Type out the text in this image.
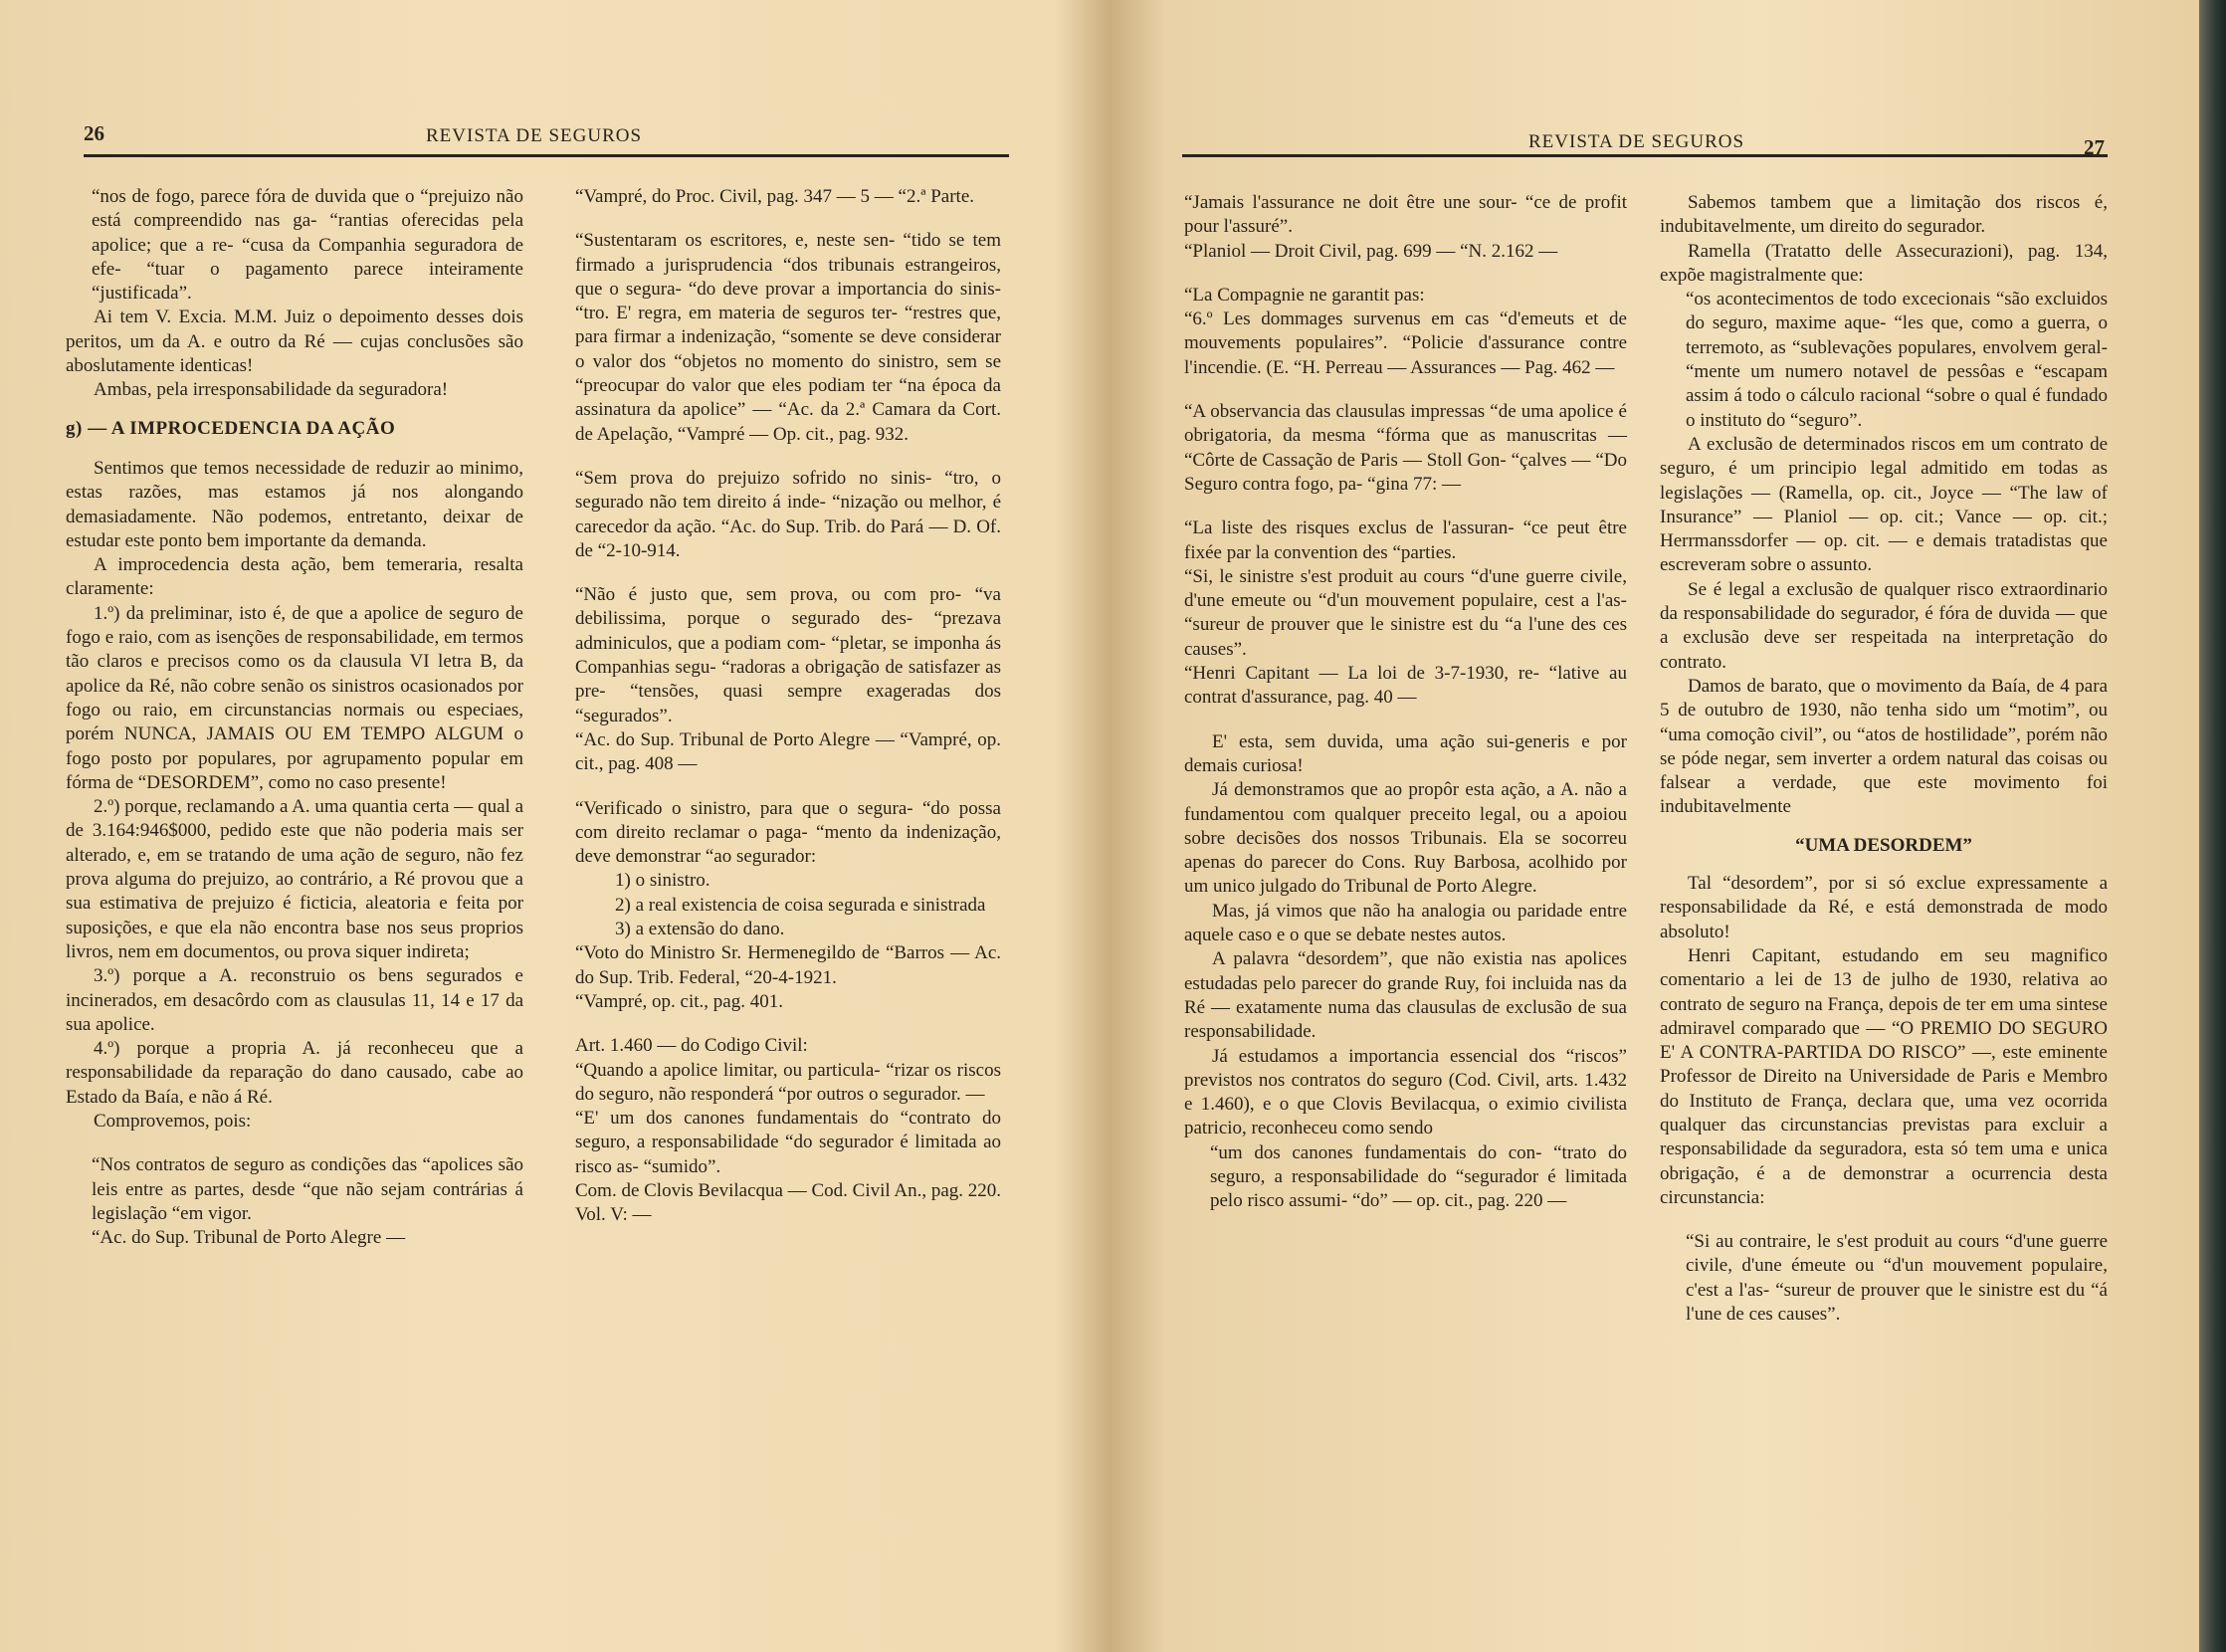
26	REVISTA DE SEGUROS

“nos de fogo, parece fóra de duvida que o “prejuizo não está compreendido nas ga- “rantias oferecidas pela apolice; que a re- “cusa da Companhia seguradora de efe- “tuar o pagamento parece inteiramente “justificada”.

Ai tem V. Excia. M.M. Juiz o depoimento desses dois peritos, um da A. e outro da Ré — cujas conclusões são aboslutamente identicas!

Ambas, pela irresponsabilidade da seguradora!

g) — A IMPROCEDENCIA DA AÇÃO

Sentimos que temos necessidade de reduzir ao minimo, estas razões, mas estamos já nos alongando demasiadamente. Não podemos, entretanto, deixar de estudar este ponto bem importante da demanda.

A improcedencia desta ação, bem temeraria, resalta claramente:

1.º) da preliminar, isto é, de que a apolice de seguro de fogo e raio, com as isenções de responsabilidade, em termos tão claros e precisos como os da clausula VI letra B, da apolice da Ré, não cobre senão os sinistros ocasionados por fogo ou raio, em circunstancias normais ou especiaes, porém NUNCA, JAMAIS OU EM TEMPO ALGUM o fogo posto por populares, por agrupamento popular em fórma de “DESORDEM”, como no caso presente!

2.º) porque, reclamando a A. uma quantia certa — qual a de 3.164:946$000, pedido este que não poderia mais ser alterado, e, em se tratando de uma ação de seguro, não fez prova alguma do prejuizo, ao contrário, a Ré provou que a sua estimativa de prejuizo é ficticia, aleatoria e feita por suposições, e que ela não encontra base nos seus proprios livros, nem em documentos, ou prova siquer indireta;

3.º) porque a A. reconstruio os bens segurados e incinerados, em desacôrdo com as clausulas 11, 14 e 17 da sua apolice.

4.º) porque a propria A. já reconheceu que a responsabilidade da reparação do dano causado, cabe ao Estado da Baía, e não á Ré.

Comprovemos, pois:

“Nos contratos de seguro as condições das “apolices são leis entre as partes, desde “que não sejam contrárias á legislação “em vigor.

“Ac. do Sup. Tribunal de Porto Alegre —

“Vampré, do Proc. Civil, pag. 347 — 5 — “2.ª Parte.

“Sustentaram os escritores, e, neste sen- “tido se tem firmado a jurisprudencia “dos tribunais estrangeiros, que o segura- “do deve provar a importancia do sinis- “tro. E' regra, em materia de seguros ter- “restres que, para firmar a indenização, “somente se deve considerar o valor dos “objetos no momento do sinistro, sem se “preocupar do valor que eles podiam ter “na época da assinatura da apolice” — “Ac. da 2.ª Camara da Cort. de Apelação, “Vampré — Op. cit., pag. 932.

“Sem prova do prejuizo sofrido no sinis- “tro, o segurado não tem direito á inde- “nização ou melhor, é carecedor da ação. “Ac. do Sup. Trib. do Pará — D. Of. de “2-10-914.

“Não é justo que, sem prova, ou com pro- “va debilissima, porque o segurado des- “prezava adminiculos, que a podiam com- “pletar, se imponha ás Companhias segu- “radoras a obrigação de satisfazer as pre- “tensões, quasi sempre exageradas dos “segurados”.

“Ac. do Sup. Tribunal de Porto Alegre — “Vampré, op. cit., pag. 408 —

“Verificado o sinistro, para que o segura- “do possa com direito reclamar o paga- “mento da indenização, deve demonstrar “ao segurador:

1) o sinistro.

2) a real existencia de coisa segurada e sinistrada

3) a extensão do dano.

“Voto do Ministro Sr. Hermenegildo de “Barros — Ac. do Sup. Trib. Federal, “20-4-1921.

“Vampré, op. cit., pag. 401.

Art. 1.460 — do Codigo Civil:

“Quando a apolice limitar, ou particula- “rizar os riscos do seguro, não responderá “por outros o segurador. —

“E' um dos canones fundamentais do “contrato do seguro, a responsabilidade “do segurador é limitada ao risco as- “sumido”.

Com. de Clovis Bevilacqua — Cod. Civil An., pag. 220. Vol. V: —

REVISTA DE SEGUROS	27

“Jamais l'assurance ne doit être une sour- “ce de profit pour l'assuré”.

“Planiol — Droit Civil, pag. 699 — “N. 2.162 —

“La Compagnie ne garantit pas:

“6.º Les dommages survenus em cas “d'emeuts et de mouvements populaires”. “Policie d'assurance contre l'incendie. (E. “H. Perreau — Assurances — Pag. 462 —

“A observancia das clausulas impressas “de uma apolice é obrigatoria, da mesma “fórma que as manuscritas — “Côrte de Cassação de Paris — Stoll Gon- “çalves — “Do Seguro contra fogo, pa- “gina 77: —

“La liste des risques exclus de l'assuran- “ce peut être fixée par la convention des “parties.

“Si, le sinistre s'est produit au cours “d'une guerre civile, d'une emeute ou “d'un mouvement populaire, cest a l'as- “sureur de prouver que le sinistre est du “a l'une des ces causes”.

“Henri Capitant — La loi de 3-7-1930, re- “lative au contrat d'assurance, pag. 40 —

E' esta, sem duvida, uma ação sui-generis e por demais curiosa!

Já demonstramos que ao propôr esta ação, a A. não a fundamentou com qualquer preceito legal, ou a apoiou sobre decisões dos nossos Tribunais. Ela se socorreu apenas do parecer do Cons. Ruy Barbosa, acolhido por um unico julgado do Tribunal de Porto Alegre.

Mas, já vimos que não ha analogia ou paridade entre aquele caso e o que se debate nestes autos.

A palavra “desordem”, que não existia nas apolices estudadas pelo parecer do grande Ruy, foi incluida nas da Ré — exatamente numa das clausulas de exclusão de sua responsabilidade.

Já estudamos a importancia essencial dos “riscos” previstos nos contratos do seguro (Cod. Civil, arts. 1.432 e 1.460), e o que Clovis Bevilacqua, o eximio civilista patricio, reconheceu como sendo

“um dos canones fundamentais do con- “trato do seguro, a responsabilidade do “segurador é limitada pelo risco assumi- “do” — op. cit., pag. 220 —

Sabemos tambem que a limitação dos riscos é, indubitavelmente, um direito do segurador.

Ramella (Tratatto delle Assecurazioni), pag. 134, expõe magistralmente que:

“os acontecimentos de todo excecionais “são excluidos do seguro, maxime aque- “les que, como a guerra, o terremoto, as “sublevações populares, envolvem geral- “mente um numero notavel de pessôas e “escapam assim á todo o cálculo racional “sobre o qual é fundado o instituto do “seguro”.

A exclusão de determinados riscos em um contrato de seguro, é um principio legal admitido em todas as legislações — (Ramella, op. cit., Joyce — “The law of Insurance” — Planiol — op. cit.; Vance — op. cit.; Herrmanssdorfer — op. cit. — e demais tratadistas que escreveram sobre o assunto.

Se é legal a exclusão de qualquer risco extraordinario da responsabilidade do segurador, é fóra de duvida — que a exclusão deve ser respeitada na interpretação do contrato.

Damos de barato, que o movimento da Baía, de 4 para 5 de outubro de 1930, não tenha sido um “motim”, ou “uma comoção civil”, ou “atos de hostilidade”, porém não se póde negar, sem inverter a ordem natural das coisas ou falsear a verdade, que este movimento foi indubitavelmente

“UMA DESORDEM”

Tal “desordem”, por si só exclue expressamente a responsabilidade da Ré, e está demonstrada de modo absoluto!

Henri Capitant, estudando em seu magnifico comentario a lei de 13 de julho de 1930, relativa ao contrato de seguro na França, depois de ter em uma sintese admiravel comparado que — “O PREMIO DO SEGURO E' A CONTRA-PARTIDA DO RISCO” —, este eminente Professor de Direito na Universidade de Paris e Membro do Instituto de França, declara que, uma vez ocorrida qualquer das circunstancias previstas para excluir a responsabilidade da seguradora, esta só tem uma e unica obrigação, é a de demonstrar a ocurrencia desta circunstancia:

“Si au contraire, le s'est produit au cours “d'une guerre civile, d'une émeute ou “d'un mouvement populaire, c'est a l'as- “sureur de prouver que le sinistre est du “á l'une de ces causes”.
